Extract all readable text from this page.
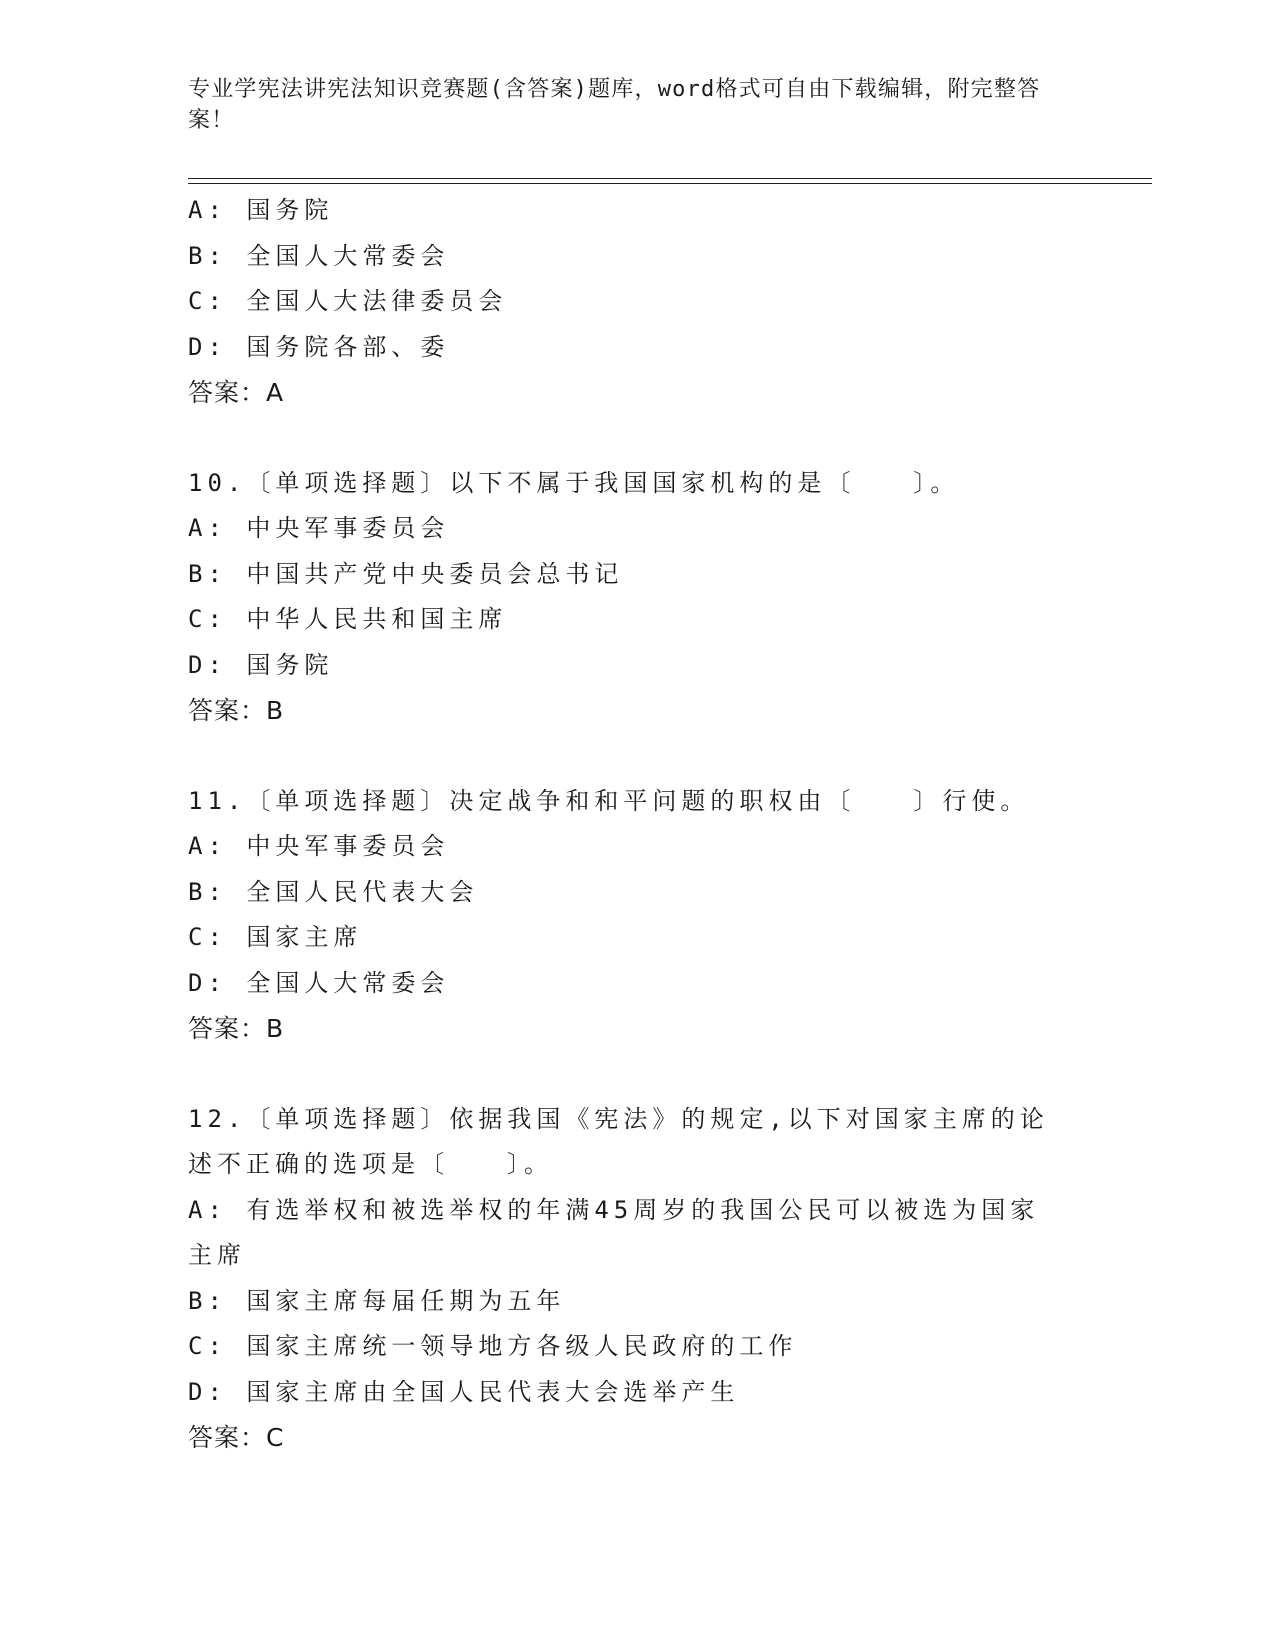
专业学宪法讲宪法知识竞赛题(含答案)题库，word格式可自由下载编辑，附完整答案！
A: 国务院
B: 全国人大常委会
C: 全国人大法律委员会
D: 国务院各部、委
答案：A
10.〔单项选择题〕以下不属于我国国家机构的是〔　　〕。
A: 中央军事委员会
B: 中国共产党中央委员会总书记
C: 中华人民共和国主席
D: 国务院
答案：B
11.〔单项选择题〕决定战争和和平问题的职权由〔　　〕行使。
A: 中央军事委员会
B: 全国人民代表大会
C: 国家主席
D: 全国人大常委会
答案：B
12.〔单项选择题〕依据我国《宪法》的规定,以下对国家主席的论述不正确的选项是〔　　〕。
A: 有选举权和被选举权的年满45周岁的我国公民可以被选为国家主席
B: 国家主席每届任期为五年
C: 国家主席统一领导地方各级人民政府的工作
D: 国家主席由全国人民代表大会选举产生
答案：C
